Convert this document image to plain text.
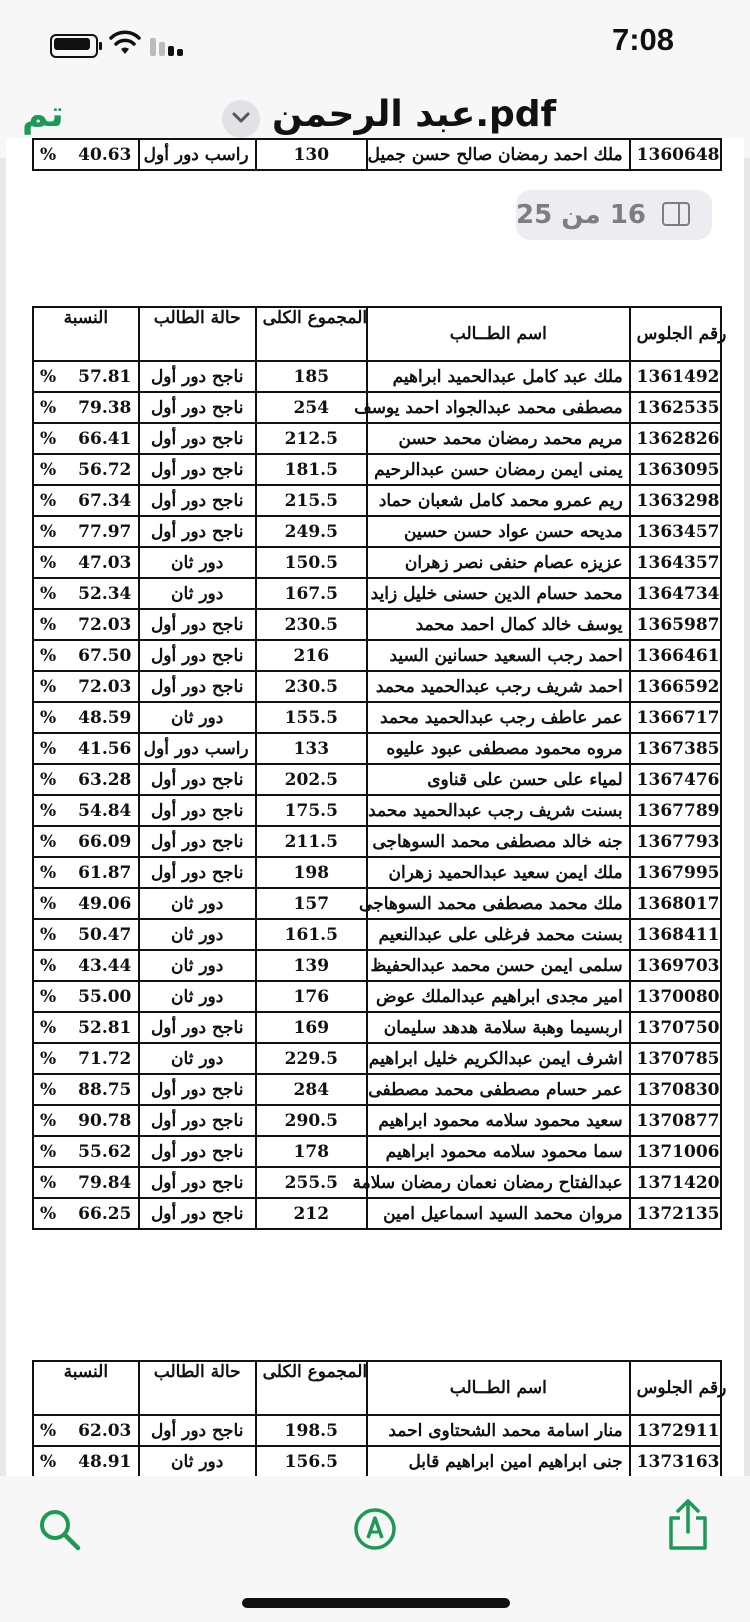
7:08
تم	عبد الرحمن.pdf
% 40.63	راسب دور أول	130	ملك احمد رمضان صالح حسن جميل	1360648
النسبة	حالة الطالب	المجموع الكلى	اسم الطــالب	رقم الجلوس
% 57.81	ناجح دور أول	185	ملك عبد كامل عبدالحميد ابراهيم	1361492
% 79.38	ناجح دور أول	254	مصطفى محمد عبدالجواد احمد يوسف	1362535
% 66.41	ناجح دور أول	212.5	مريم محمد رمضان محمد حسن	1362826
% 56.72	ناجح دور أول	181.5	يمنى ايمن رمضان حسن عبدالرحيم	1363095
% 67.34	ناجح دور أول	215.5	ريم عمرو محمد كامل شعبان حماد	1363298
% 77.97	ناجح دور أول	249.5	مديحه حسن عواد حسن حسين	1363457
% 47.03	دور ثان	150.5	عزيزه عصام حنفى نصر زهران	1364357
% 52.34	دور ثان	167.5	محمد حسام الدين حسنى خليل زايد	1364734
% 72.03	ناجح دور أول	230.5	يوسف خالد كمال احمد محمد	1365987
% 67.50	ناجح دور أول	216	احمد رجب السعيد حسانين السيد	1366461
% 72.03	ناجح دور أول	230.5	احمد شريف رجب عبدالحميد محمد	1366592
% 48.59	دور ثان	155.5	عمر عاطف رجب عبدالحميد محمد	1366717
% 41.56	راسب دور أول	133	مروه محمود مصطفى عبود عليوه	1367385
% 63.28	ناجح دور أول	202.5	لمياء على حسن على قناوى	1367476
% 54.84	ناجح دور أول	175.5	بسنت شريف رجب عبدالحميد محمد	1367789
% 66.09	ناجح دور أول	211.5	جنه خالد مصطفى محمد السوهاجى	1367793
% 61.87	ناجح دور أول	198	ملك ايمن سعيد عبدالحميد زهران	1367995
% 49.06	دور ثان	157	ملك محمد مصطفى محمد السوهاجى	1368017
% 50.47	دور ثان	161.5	بسنت محمد فرغلى على عبدالنعيم	1368411
% 43.44	دور ثان	139	سلمى ايمن حسن محمد عبدالحفيظ	1369703
% 55.00	دور ثان	176	امير مجدى ابراهيم عبدالملك عوض	1370080
% 52.81	ناجح دور أول	169	اربسيما وهبة سلامة هدهد سليمان	1370750
% 71.72	دور ثان	229.5	اشرف ايمن عبدالكريم خليل ابراهيم	1370785
% 88.75	ناجح دور أول	284	عمر حسام مصطفى محمد مصطفى	1370830
% 90.78	ناجح دور أول	290.5	سعيد محمود سلامه محمود ابراهيم	1370877
% 55.62	ناجح دور أول	178	سما محمود سلامه محمود ابراهيم	1371006
% 79.84	ناجح دور أول	255.5	عبدالفتاح رمضان نعمان رمضان سلامة	1371420
% 66.25	ناجح دور أول	212	مروان محمد السيد اسماعيل امين	1372135
النسبة	حالة الطالب	المجموع الكلى	اسم الطــالب	رقم الجلوس
% 62.03	ناجح دور أول	198.5	منار اسامة محمد الشحتاوى احمد	1372911
% 48.91	دور ثان	156.5	جنى ابراهيم امين ابراهيم قابل	1373163
16 من 25
